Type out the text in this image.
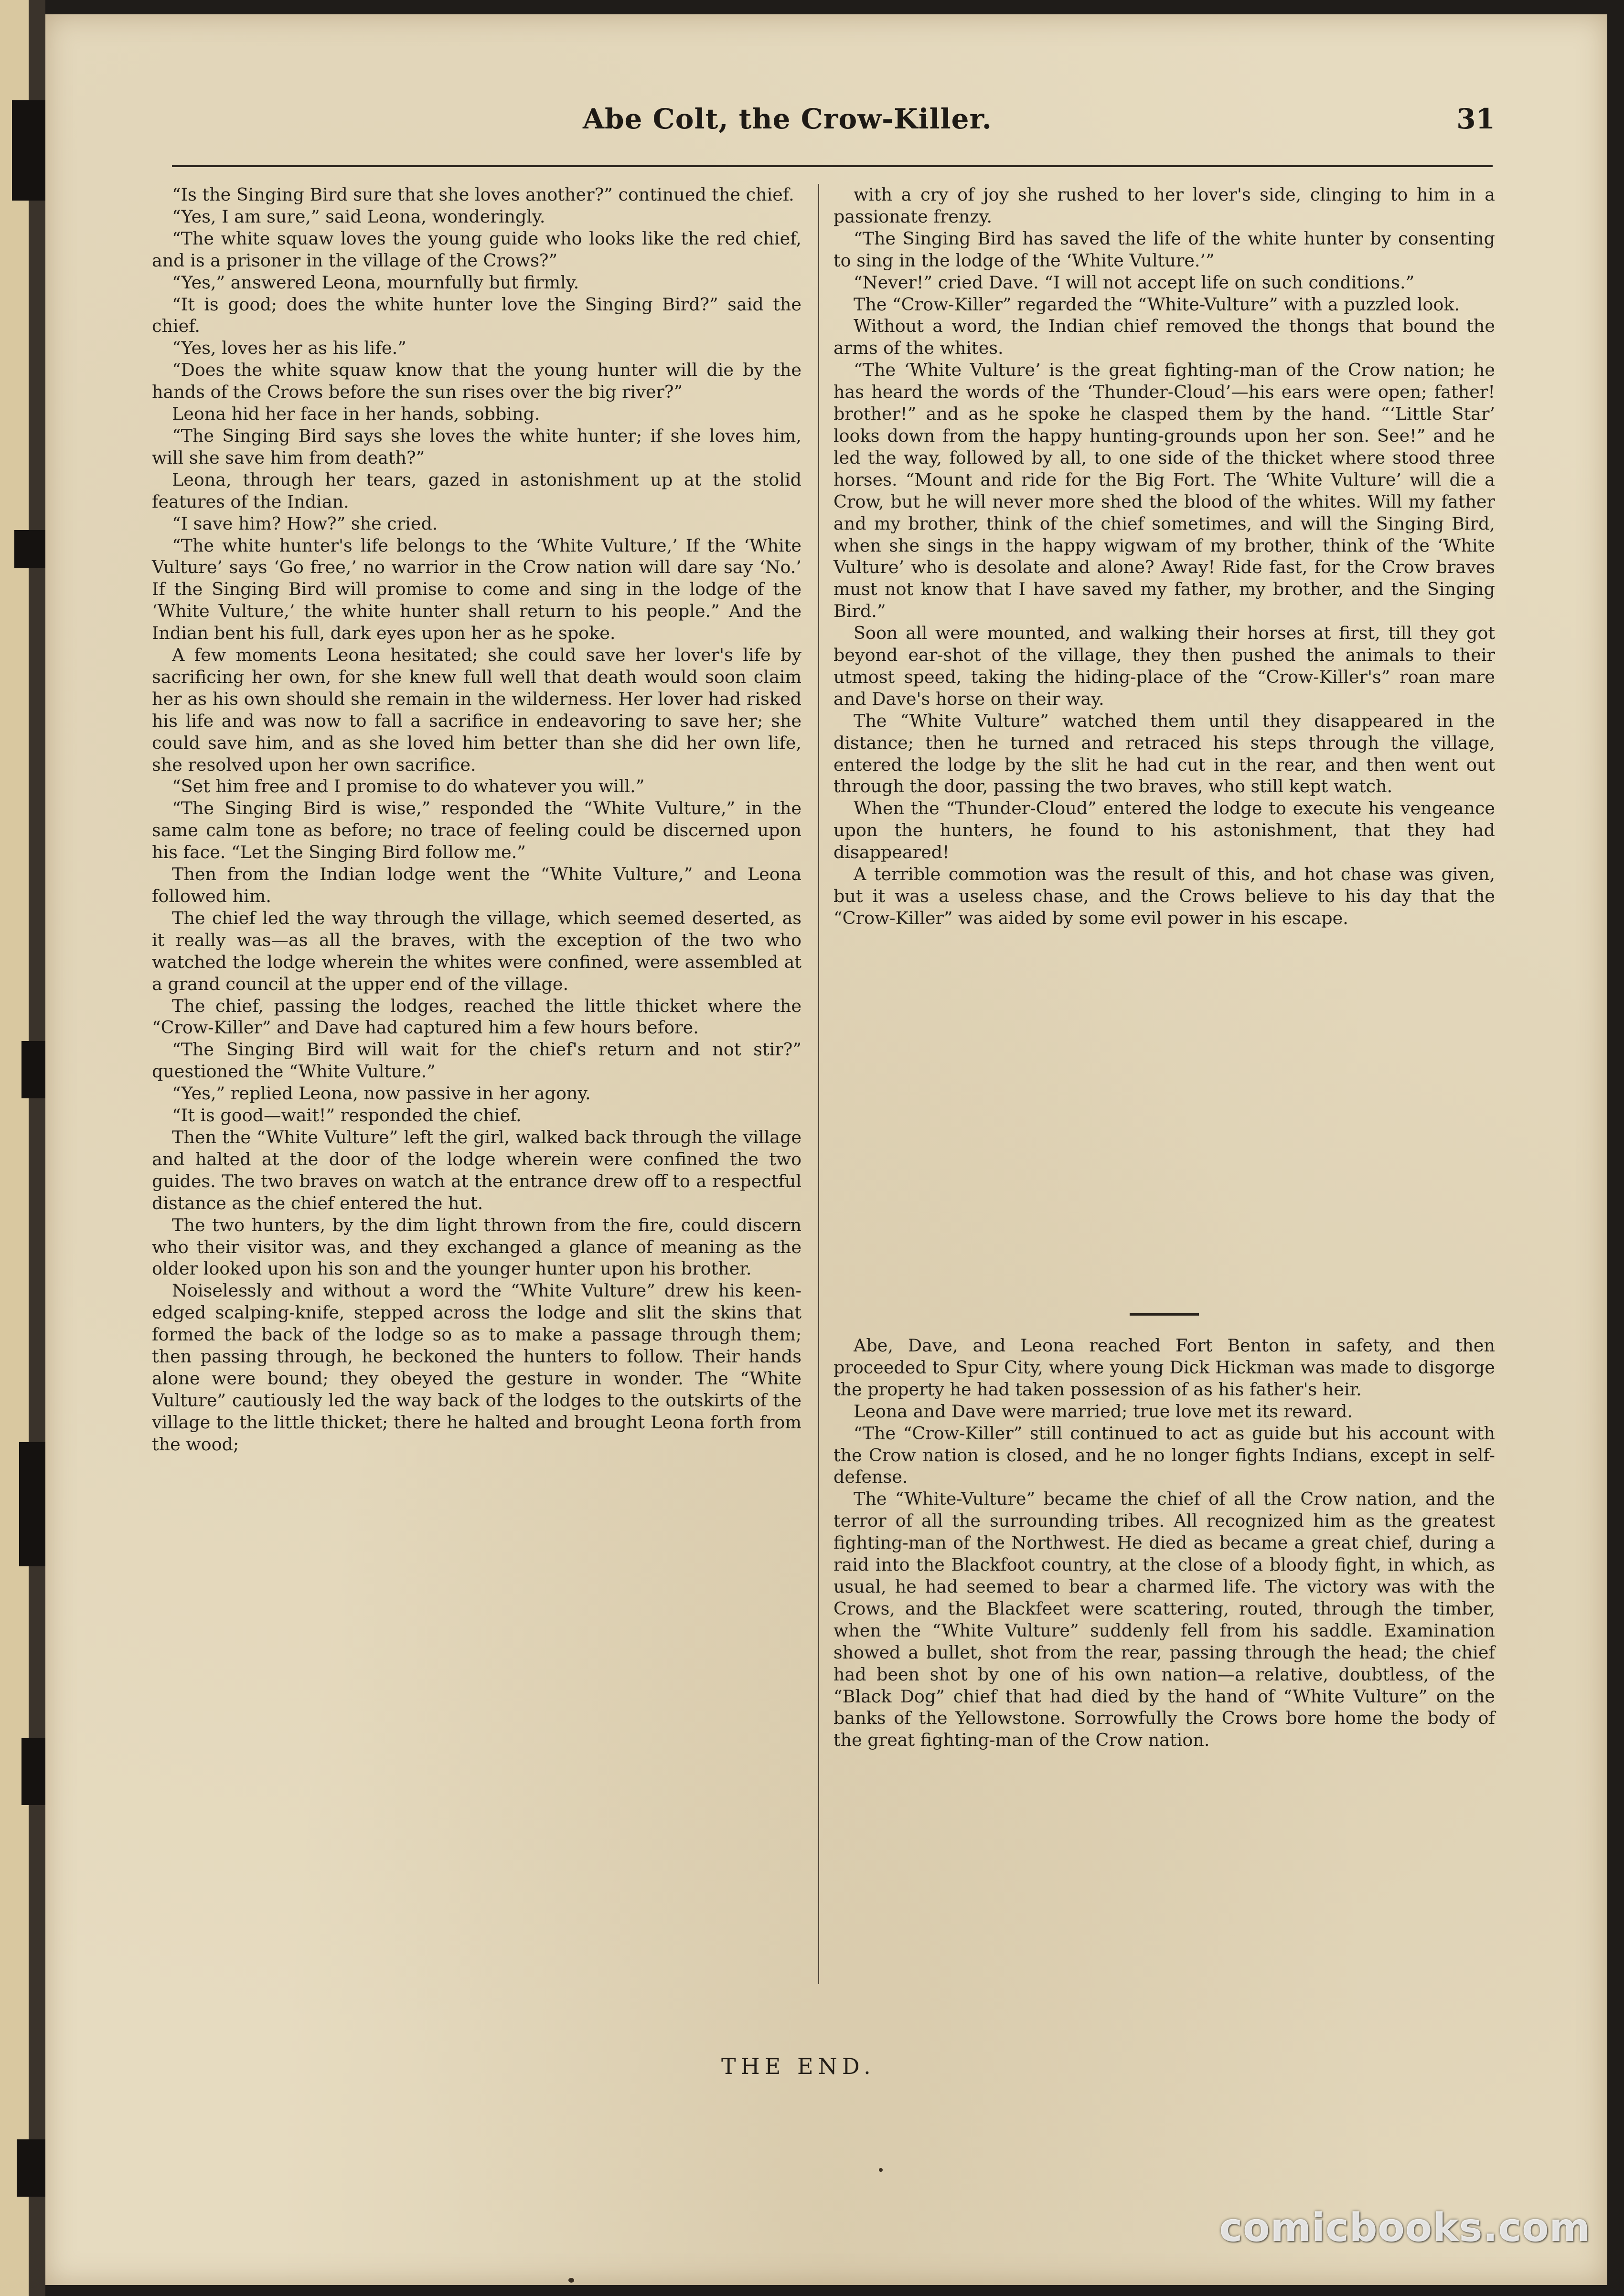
Abe Colt, the Crow-Killer.	31

“Is the Singing Bird sure that she loves another?” continued the chief.

“Yes, I am sure,” said Leona, wonderingly.

“The white squaw loves the young guide who looks like the red chief, and is a prisoner in the village of the Crows?”

“Yes,” answered Leona, mournfully but firmly.

“It is good; does the white hunter love the Singing Bird?” said the chief.

“Yes, loves her as his life.”

“Does the white squaw know that the young hunter will die by the hands of the Crows before the sun rises over the big river?”

Leona hid her face in her hands, sobbing.

“The Singing Bird says she loves the white hunter; if she loves him, will she save him from death?”

Leona, through her tears, gazed in astonishment up at the stolid features of the Indian.

“I save him? How?” she cried.

“The white hunter's life belongs to the ‘White Vulture,’ If the ‘White Vulture’ says ‘Go free,’ no warrior in the Crow nation will dare say ‘No.’ If the Singing Bird will promise to come and sing in the lodge of the ‘White Vulture,’ the white hunter shall return to his people.” And the Indian bent his full, dark eyes upon her as he spoke.

A few moments Leona hesitated; she could save her lover's life by sacrificing her own, for she knew full well that death would soon claim her as his own should she remain in the wilderness. Her lover had risked his life and was now to fall a sacrifice in endeavoring to save her; she could save him, and as she loved him better than she did her own life, she resolved upon her own sacrifice.

“Set him free and I promise to do whatever you will.”

“The Singing Bird is wise,” responded the “White Vulture,” in the same calm tone as before; no trace of feeling could be discerned upon his face. “Let the Singing Bird follow me.”

Then from the Indian lodge went the “White Vulture,” and Leona followed him.

The chief led the way through the village, which seemed deserted, as it really was—as all the braves, with the exception of the two who watched the lodge wherein the whites were confined, were assembled at a grand council at the upper end of the village.

The chief, passing the lodges, reached the little thicket where the “Crow-Killer” and Dave had captured him a few hours before.

“The Singing Bird will wait for the chief's return and not stir?” questioned the “White Vulture.”

“Yes,” replied Leona, now passive in her agony.

“It is good—wait!” responded the chief.

Then the “White Vulture” left the girl, walked back through the village and halted at the door of the lodge wherein were confined the two guides. The two braves on watch at the entrance drew off to a respectful distance as the chief entered the hut.

The two hunters, by the dim light thrown from the fire, could discern who their visitor was, and they exchanged a glance of meaning as the older looked upon his son and the younger hunter upon his brother.

Noiselessly and without a word the “White Vulture” drew his keen-edged scalping-knife, stepped across the lodge and slit the skins that formed the back of the lodge so as to make a passage through them; then passing through, he beckoned the hunters to follow. Their hands alone were bound; they obeyed the gesture in wonder. The “White Vulture” cautiously led the way back of the lodges to the outskirts of the village to the little thicket; there he halted and brought Leona forth from the wood;

with a cry of joy she rushed to her lover's side, clinging to him in a passionate frenzy.

“The Singing Bird has saved the life of the white hunter by consenting to sing in the lodge of the ‘White Vulture.’”

“Never!” cried Dave. “I will not accept life on such conditions.”

The “Crow-Killer” regarded the “White-Vulture” with a puzzled look.

Without a word, the Indian chief removed the thongs that bound the arms of the whites.

“The ‘White Vulture’ is the great fighting-man of the Crow nation; he has heard the words of the ‘Thunder-Cloud’—his ears were open; father! brother!” and as he spoke he clasped them by the hand. “‘Little Star’ looks down from the happy hunting-grounds upon her son. See!” and he led the way, followed by all, to one side of the thicket where stood three horses. “Mount and ride for the Big Fort. The ‘White Vulture’ will die a Crow, but he will never more shed the blood of the whites. Will my father and my brother, think of the chief sometimes, and will the Singing Bird, when she sings in the happy wigwam of my brother, think of the ‘White Vulture’ who is desolate and alone? Away! Ride fast, for the Crow braves must not know that I have saved my father, my brother, and the Singing Bird.”

Soon all were mounted, and walking their horses at first, till they got beyond ear-shot of the village, they then pushed the animals to their utmost speed, taking the hiding-place of the “Crow-Killer's” roan mare and Dave's horse on their way.

The “White Vulture” watched them until they disappeared in the distance; then he turned and retraced his steps through the village, entered the lodge by the slit he had cut in the rear, and then went out through the door, passing the two braves, who still kept watch.

When the “Thunder-Cloud” entered the lodge to execute his vengeance upon the hunters, he found to his astonishment, that they had disappeared!

A terrible commotion was the result of this, and hot chase was given, but it was a useless chase, and the Crows believe to his day that the “Crow-Killer” was aided by some evil power in his escape.

Abe, Dave, and Leona reached Fort Benton in safety, and then proceeded to Spur City, where young Dick Hickman was made to disgorge the property he had taken possession of as his father's heir.

Leona and Dave were married; true love met its reward.

“The “Crow-Killer” still continued to act as guide but his account with the Crow nation is closed, and he no longer fights Indians, except in self-defense.

The “White-Vulture” became the chief of all the Crow nation, and the terror of all the surrounding tribes. All recognized him as the greatest fighting-man of the Northwest. He died as became a great chief, during a raid into the Blackfoot country, at the close of a bloody fight, in which, as usual, he had seemed to bear a charmed life. The victory was with the Crows, and the Blackfeet were scattering, routed, through the timber, when the “White Vulture” suddenly fell from his saddle. Examination showed a bullet, shot from the rear, passing through the head; the chief had been shot by one of his own nation—a relative, doubtless, of the “Black Dog” chief that had died by the hand of “White Vulture” on the banks of the Yellowstone. Sorrowfully the Crows bore home the body of the great fighting-man of the Crow nation.

THE END.
comicbooks.com
